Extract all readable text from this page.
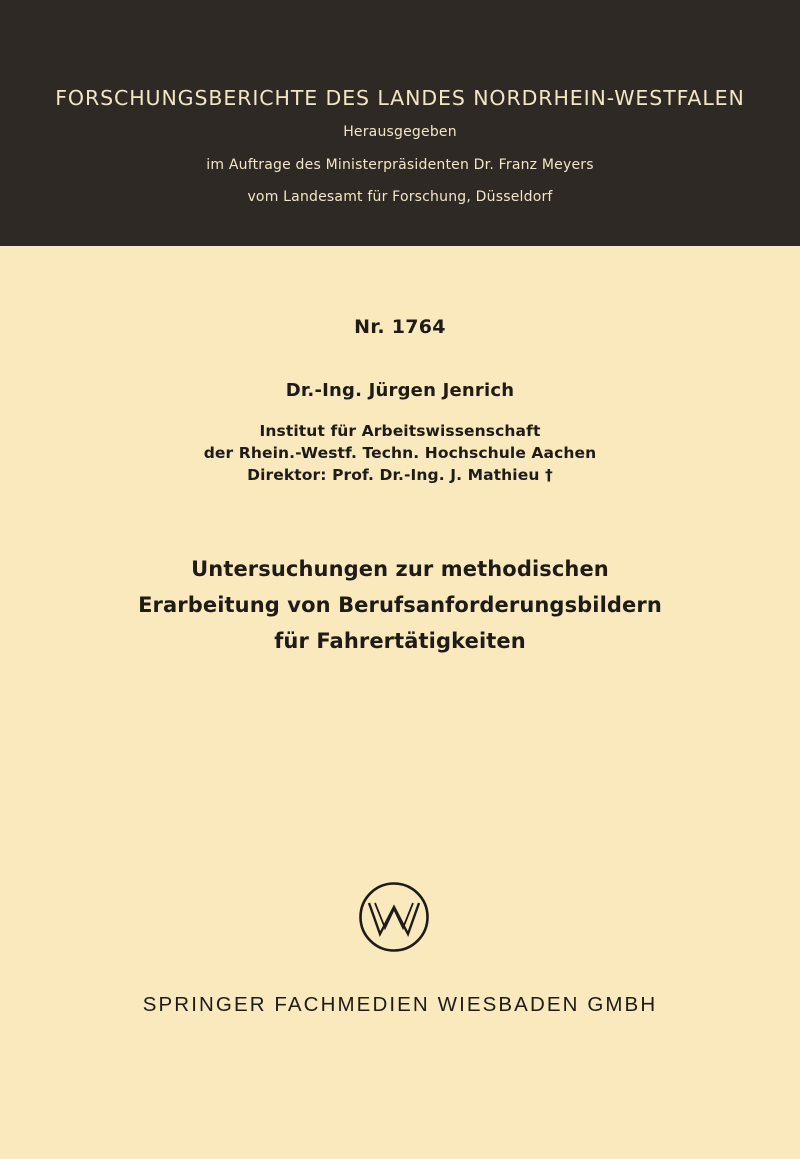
FORSCHUNGSBERICHTE DES LANDES NORDRHEIN-WESTFALEN
Herausgegeben
im Auftrage des Ministerpräsidenten Dr. Franz Meyers
vom Landesamt für Forschung, Düsseldorf
Nr. 1764
Dr.-Ing. Jürgen Jenrich
Institut für Arbeitswissenschaft
der Rhein.-Westf. Techn. Hochschule Aachen
Direktor: Prof. Dr.-Ing. J. Mathieu †
Untersuchungen zur methodischen
Erarbeitung von Berufsanforderungsbildern
für Fahrertätigkeiten
SPRINGER FACHMEDIEN WIESBADEN GMBH
